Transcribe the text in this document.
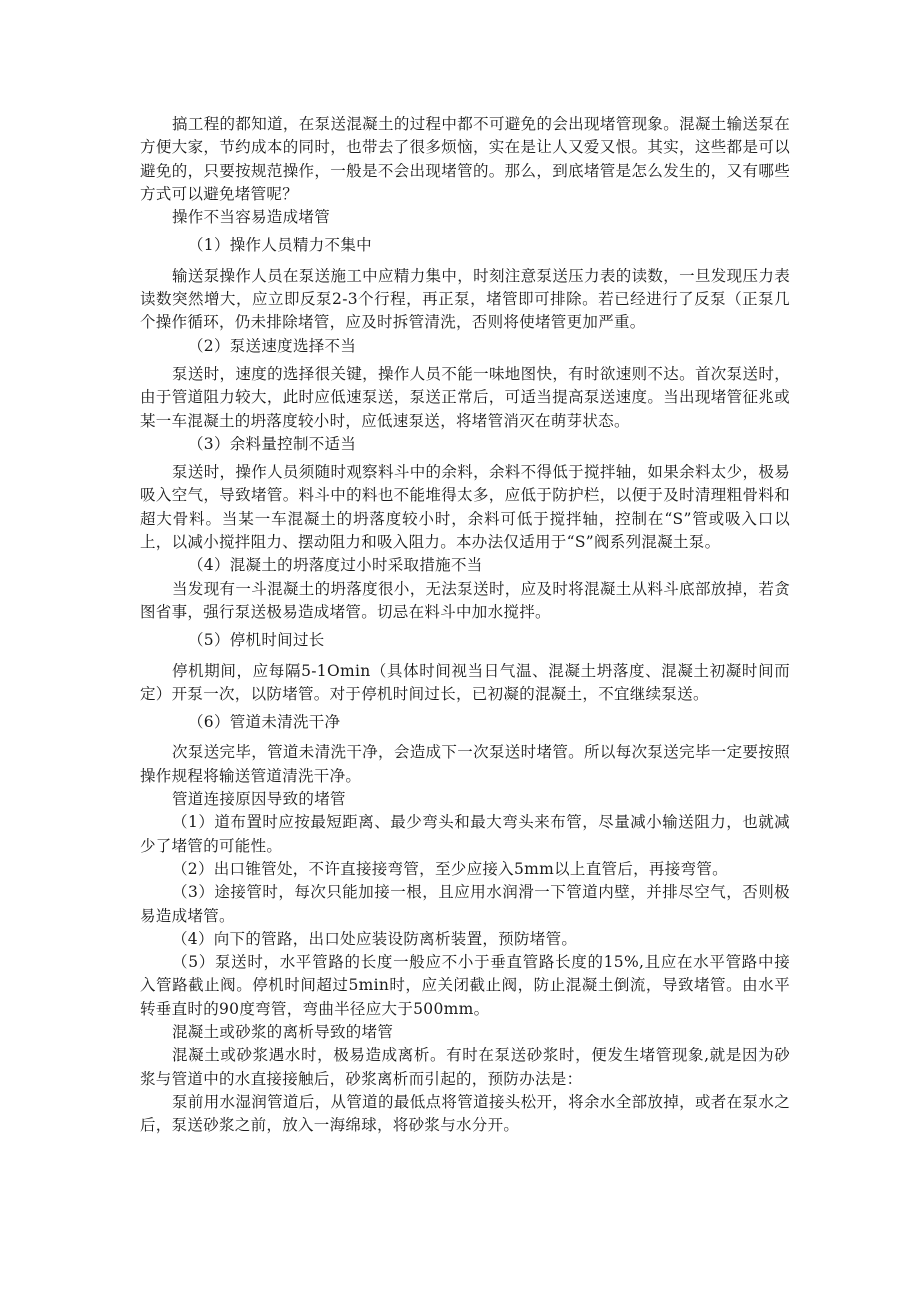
搞工程的都知道，在泵送混凝土的过程中都不可避免的会出现堵管现象。混凝土输送泵在方便大家，节约成本的同时，也带去了很多烦恼，实在是让人又爱又恨。其实，这些都是可以避免的，只要按规范操作，一般是不会出现堵管的。那么，到底堵管是怎么发生的，又有哪些方式可以避免堵管呢？

操作不当容易造成堵管

（1）操作人员精力不集中

输送泵操作人员在泵送施工中应精力集中，时刻注意泵送压力表的读数，一旦发现压力表读数突然增大，应立即反泵2-3个行程，再正泵，堵管即可排除。若已经进行了反泵（正泵几个操作循环，仍未排除堵管，应及时拆管清洗，否则将使堵管更加严重。

（2）泵送速度选择不当

泵送时，速度的选择很关键，操作人员不能一味地图快，有时欲速则不达。首次泵送时，由于管道阻力较大，此时应低速泵送，泵送正常后，可适当提高泵送速度。当出现堵管征兆或某一车混凝土的坍落度较小时，应低速泵送，将堵管消灭在萌芽状态。

（3）余料量控制不适当

泵送时，操作人员须随时观察料斗中的余料，余料不得低于搅拌轴，如果余料太少，极易吸入空气，导致堵管。料斗中的料也不能堆得太多，应低于防护栏，以便于及时清理粗骨料和超大骨料。当某一车混凝土的坍落度较小时，余料可低于搅拌轴，控制在“S”管或吸入口以上，以减小搅拌阻力、摆动阻力和吸入阻力。本办法仅适用于“S”阀系列混凝土泵。

（4）混凝土的坍落度过小时采取措施不当

当发现有一斗混凝土的坍落度很小，无法泵送时，应及时将混凝土从料斗底部放掉，若贪图省事，强行泵送极易造成堵管。切忌在料斗中加水搅拌。

（5）停机时间过长

停机期间，应每隔5-1Omin（具体时间视当日气温、混凝土坍落度、混凝土初凝时间而定）开泵一次，以防堵管。对于停机时间过长，已初凝的混凝土，不宜继续泵送。

（6）管道未清洗干净

次泵送完毕，管道未清洗干净，会造成下一次泵送时堵管。所以每次泵送完毕一定要按照操作规程将输送管道清洗干净。

管道连接原因导致的堵管

（1）道布置时应按最短距离、最少弯头和最大弯头来布管，尽量减小输送阻力，也就减少了堵管的可能性。

（2）出口锥管处，不许直接接弯管，至少应接入5mm以上直管后，再接弯管。

（3）途接管时，每次只能加接一根，且应用水润滑一下管道内壁，并排尽空气，否则极易造成堵管。

（4）向下的管路，出口处应装设防离析装置，预防堵管。

（5）泵送时，水平管路的长度一般应不小于垂直管路长度的15%,且应在水平管路中接入管路截止阀。停机时间超过5min时，应关闭截止阀，防止混凝土倒流，导致堵管。由水平转垂直时的90度弯管，弯曲半径应大于500mm。

混凝土或砂浆的离析导致的堵管

混凝土或砂浆遇水时，极易造成离析。有时在泵送砂浆时，便发生堵管现象,就是因为砂浆与管道中的水直接接触后，砂浆离析而引起的，预防办法是：

泵前用水湿润管道后，从管道的最低点将管道接头松开，将余水全部放掉，或者在泵水之后，泵送砂浆之前，放入一海绵球，将砂浆与水分开。
